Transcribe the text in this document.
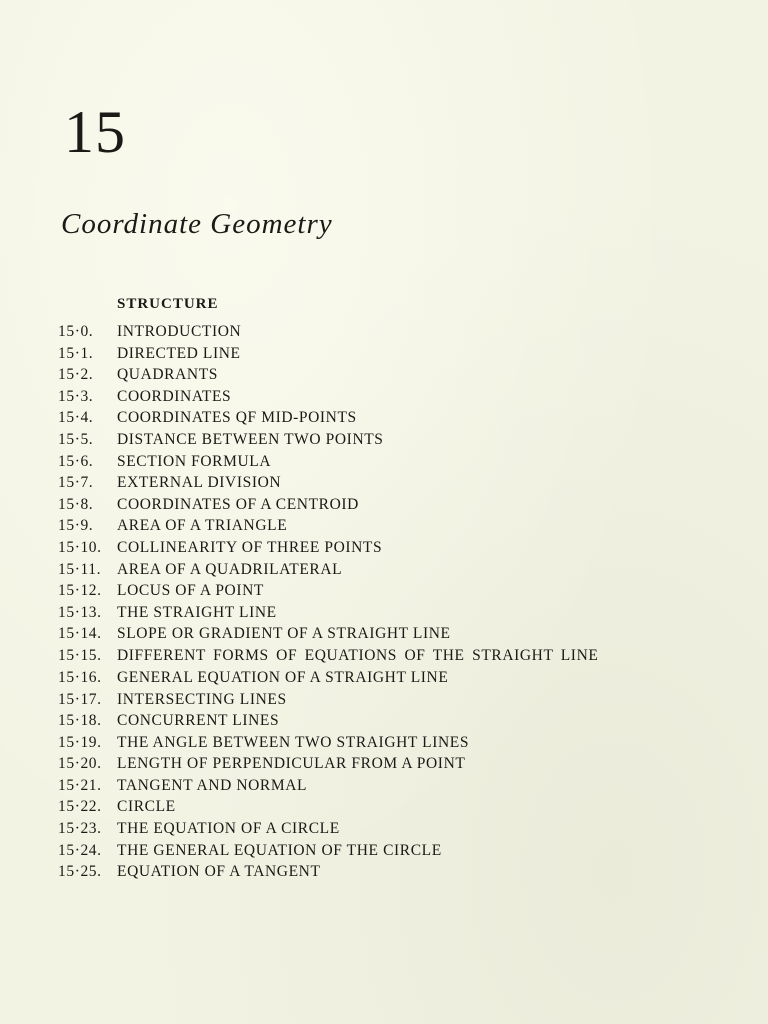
15
Coordinate Geometry
STRUCTURE
15·0.	INTRODUCTION
15·1.	DIRECTED LINE
15·2.	QUADRANTS
15·3.	COORDINATES
15·4.	COORDINATES QF MID-POINTS
15·5.	DISTANCE BETWEEN TWO POINTS
15·6.	SECTION FORMULA
15·7.	EXTERNAL DIVISION
15·8.	COORDINATES OF A CENTROID
15·9.	AREA OF A TRIANGLE
15·10. COLLINEARITY OF THREE POINTS
15·11.	AREA OF A QUADRILATERAL
15·12. LOCUS OF A POINT
15·13. THE STRAIGHT LINE
15·14. SLOPE OR GRADIENT OF A STRAIGHT LINE
15·15. DIFFERENT FORMS OF EQUATIONS OF THE STRAIGHT LINE
15·16. GENERAL EQUATION OF A STRAIGHT LINE
15·17. INTERSECTING LINES
15·18. CONCURRENT LINES
15·19. THE ANGLE BETWEEN TWO STRAIGHT LINES
15·20. LENGTH OF PERPENDICULAR FROM A POINT
15·21. TANGENT AND NORMAL
15·22. CIRCLE
15·23. THE EQUATION OF A CIRCLE
15·24. THE GENERAL EQUATION OF THE CIRCLE
15·25. EQUATION OF A TANGENT
